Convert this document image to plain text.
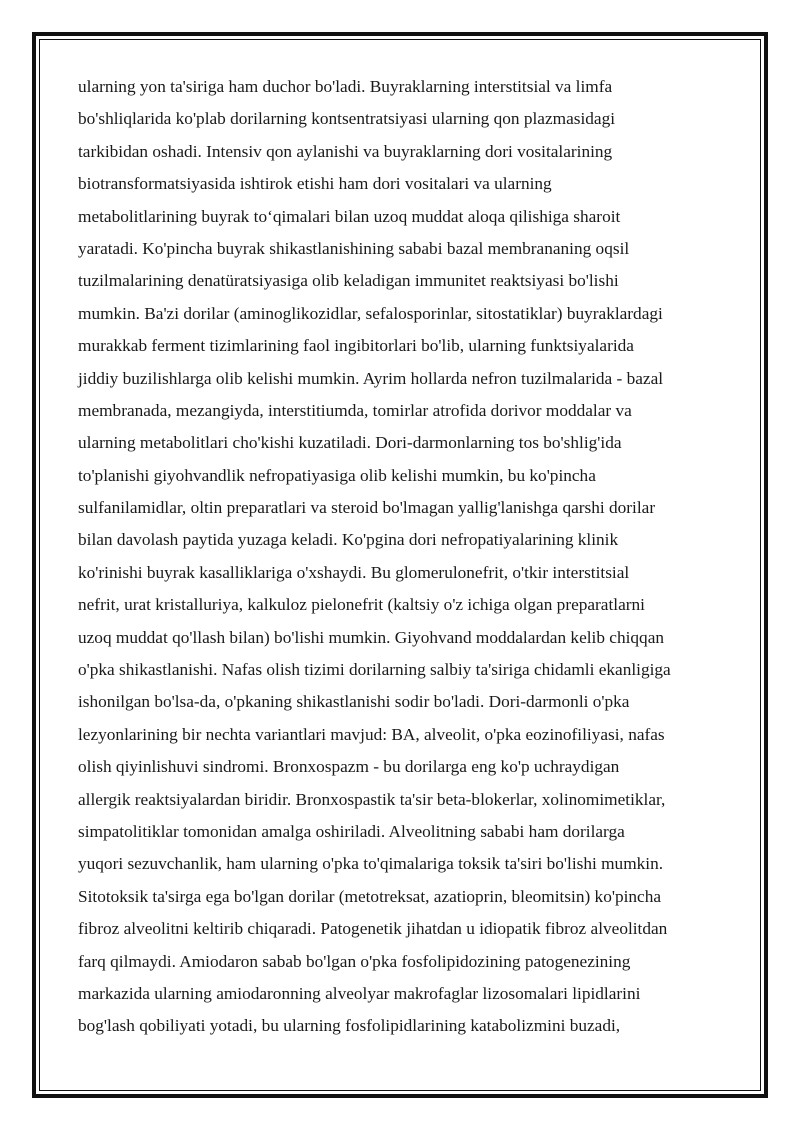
ularning yon ta'siriga ham duchor bo'ladi. Buyraklarning interstitsial va limfa
bo'shliqlarida ko'plab dorilarning kontsentratsiyasi ularning qon plazmasidagi
tarkibidan oshadi. Intensiv qon aylanishi va buyraklarning dori vositalarining
biotransformatsiyasida ishtirok etishi ham dori vositalari va ularning
metabolitlarining buyrak to‘qimalari bilan uzoq muddat aloqa qilishiga sharoit
yaratadi. Ko'pincha buyrak shikastlanishining sababi bazal membrananing oqsil
tuzilmalarining denatüratsiyasiga olib keladigan immunitet reaktsiyasi bo'lishi
mumkin. Ba'zi dorilar (aminoglikozidlar, sefalosporinlar, sitostatiklar) buyraklardagi
murakkab ferment tizimlarining faol ingibitorlari bo'lib, ularning funktsiyalarida
jiddiy buzilishlarga olib kelishi mumkin. Ayrim hollarda nefron tuzilmalarida - bazal
membranada, mezangiyda, interstitiumda, tomirlar atrofida dorivor moddalar va
ularning metabolitlari cho'kishi kuzatiladi. Dori-darmonlarning tos bo'shlig'ida
to'planishi giyohvandlik nefropatiyasiga olib kelishi mumkin, bu ko'pincha
sulfanilamidlar, oltin preparatlari va steroid bo'lmagan yallig'lanishga qarshi dorilar
bilan davolash paytida yuzaga keladi. Ko'pgina dori nefropatiyalarining klinik
ko'rinishi buyrak kasalliklariga o'xshaydi. Bu glomerulonefrit, o'tkir interstitsial
nefrit, urat kristalluriya, kalkuloz pielonefrit (kaltsiy o'z ichiga olgan preparatlarni
uzoq muddat qo'llash bilan) bo'lishi mumkin. Giyohvand moddalardan kelib chiqqan
o'pka shikastlanishi. Nafas olish tizimi dorilarning salbiy ta'siriga chidamli ekanligiga
ishonilgan bo'lsa-da, o'pkaning shikastlanishi sodir bo'ladi. Dori-darmonli o'pka
lezyonlarining bir nechta variantlari mavjud: BA, alveolit, o'pka eozinofiliyasi, nafas
olish qiyinlishuvi sindromi. Bronxospazm - bu dorilarga eng ko'p uchraydigan
allergik reaktsiyalardan biridir. Bronxospastik ta'sir beta-blokerlar, xolinomimetiklar,
simpatolitiklar tomonidan amalga oshiriladi. Alveolitning sababi ham dorilarga
yuqori sezuvchanlik, ham ularning o'pka to'qimalariga toksik ta'siri bo'lishi mumkin.
Sitotoksik ta'sirga ega bo'lgan dorilar (metotreksat, azatioprin, bleomitsin) ko'pincha
fibroz alveolitni keltirib chiqaradi. Patogenetik jihatdan u idiopatik fibroz alveolitdan
farq qilmaydi. Amiodaron sabab bo'lgan o'pka fosfolipidozining patogenezining
markazida ularning amiodaronning alveolyar makrofaglar lizosomalari lipidlarini
bog'lash qobiliyati yotadi, bu ularning fosfolipidlarining katabolizmini buzadi,
